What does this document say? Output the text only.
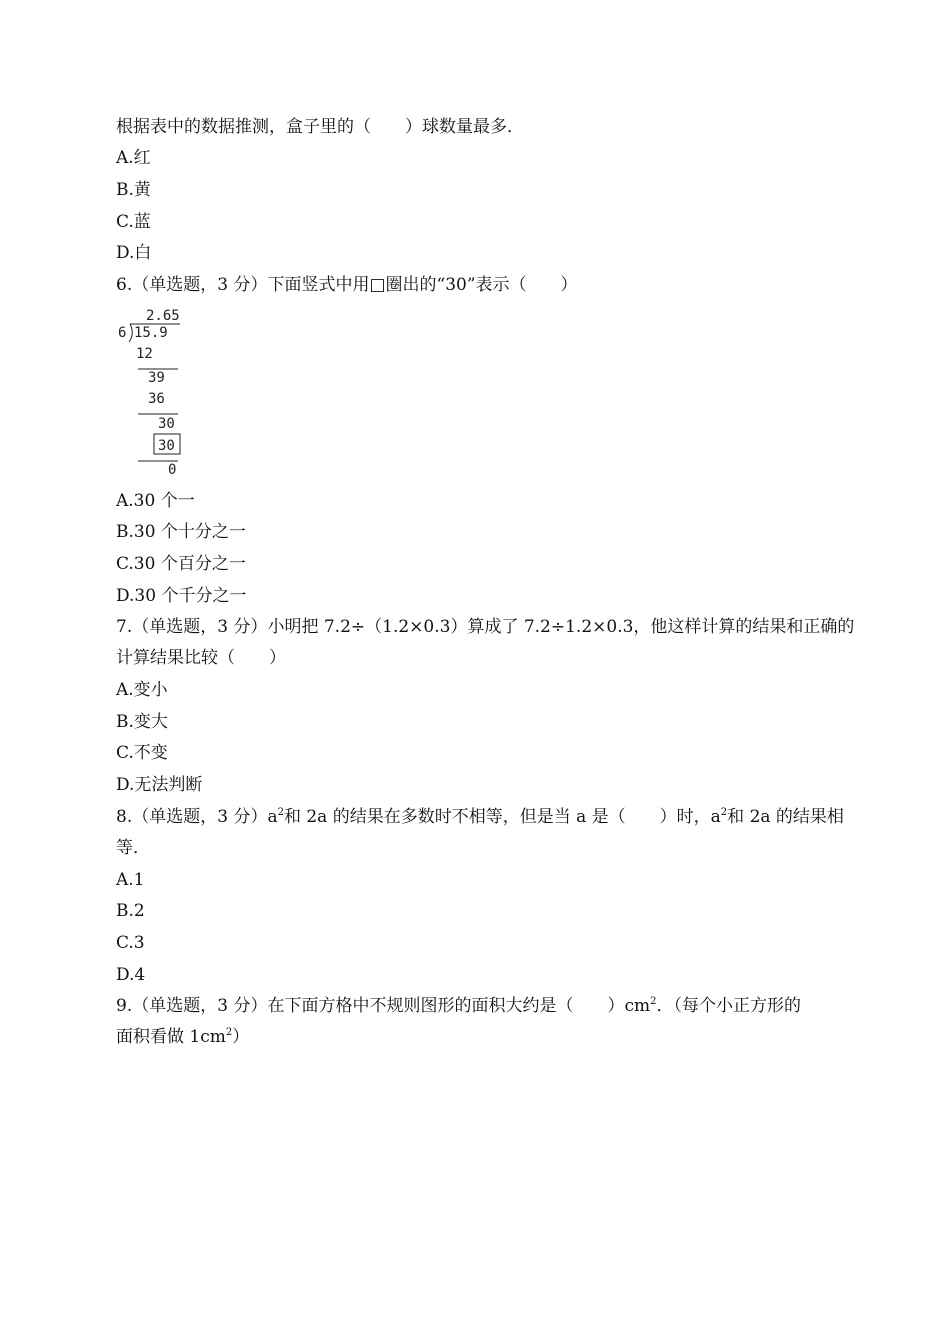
根据表中的数据推测，盒子里的（　　）球数量最多．
A.红
B.黄
C.蓝
D.白
6.（单选题，3 分）下面竖式中用□圈出的“30”表示（　　）
2.65
6 15.9
12
39
36
30
30
0
A.30 个一
B.30 个十分之一
C.30 个百分之一
D.30 个千分之一
7.（单选题，3 分）小明把 7.2÷（1.2×0.3）算成了 7.2÷1.2×0.3，他这样计算的结果和正确的
计算结果比较（　　）
A.变小
B.变大
C.不变
D.无法判断
8.（单选题，3 分）$a^2$和 2a 的结果在多数时不相等，但是当 a 是（　　）时，$a^2$和 2a 的结果相
等．
A.1
B.2
C.3
D.4
9.（单选题，3 分）在下面方格中不规则图形的面积大约是（　　）$cm^2$．（每个小正方形的
面积看做 $1cm^2$）
